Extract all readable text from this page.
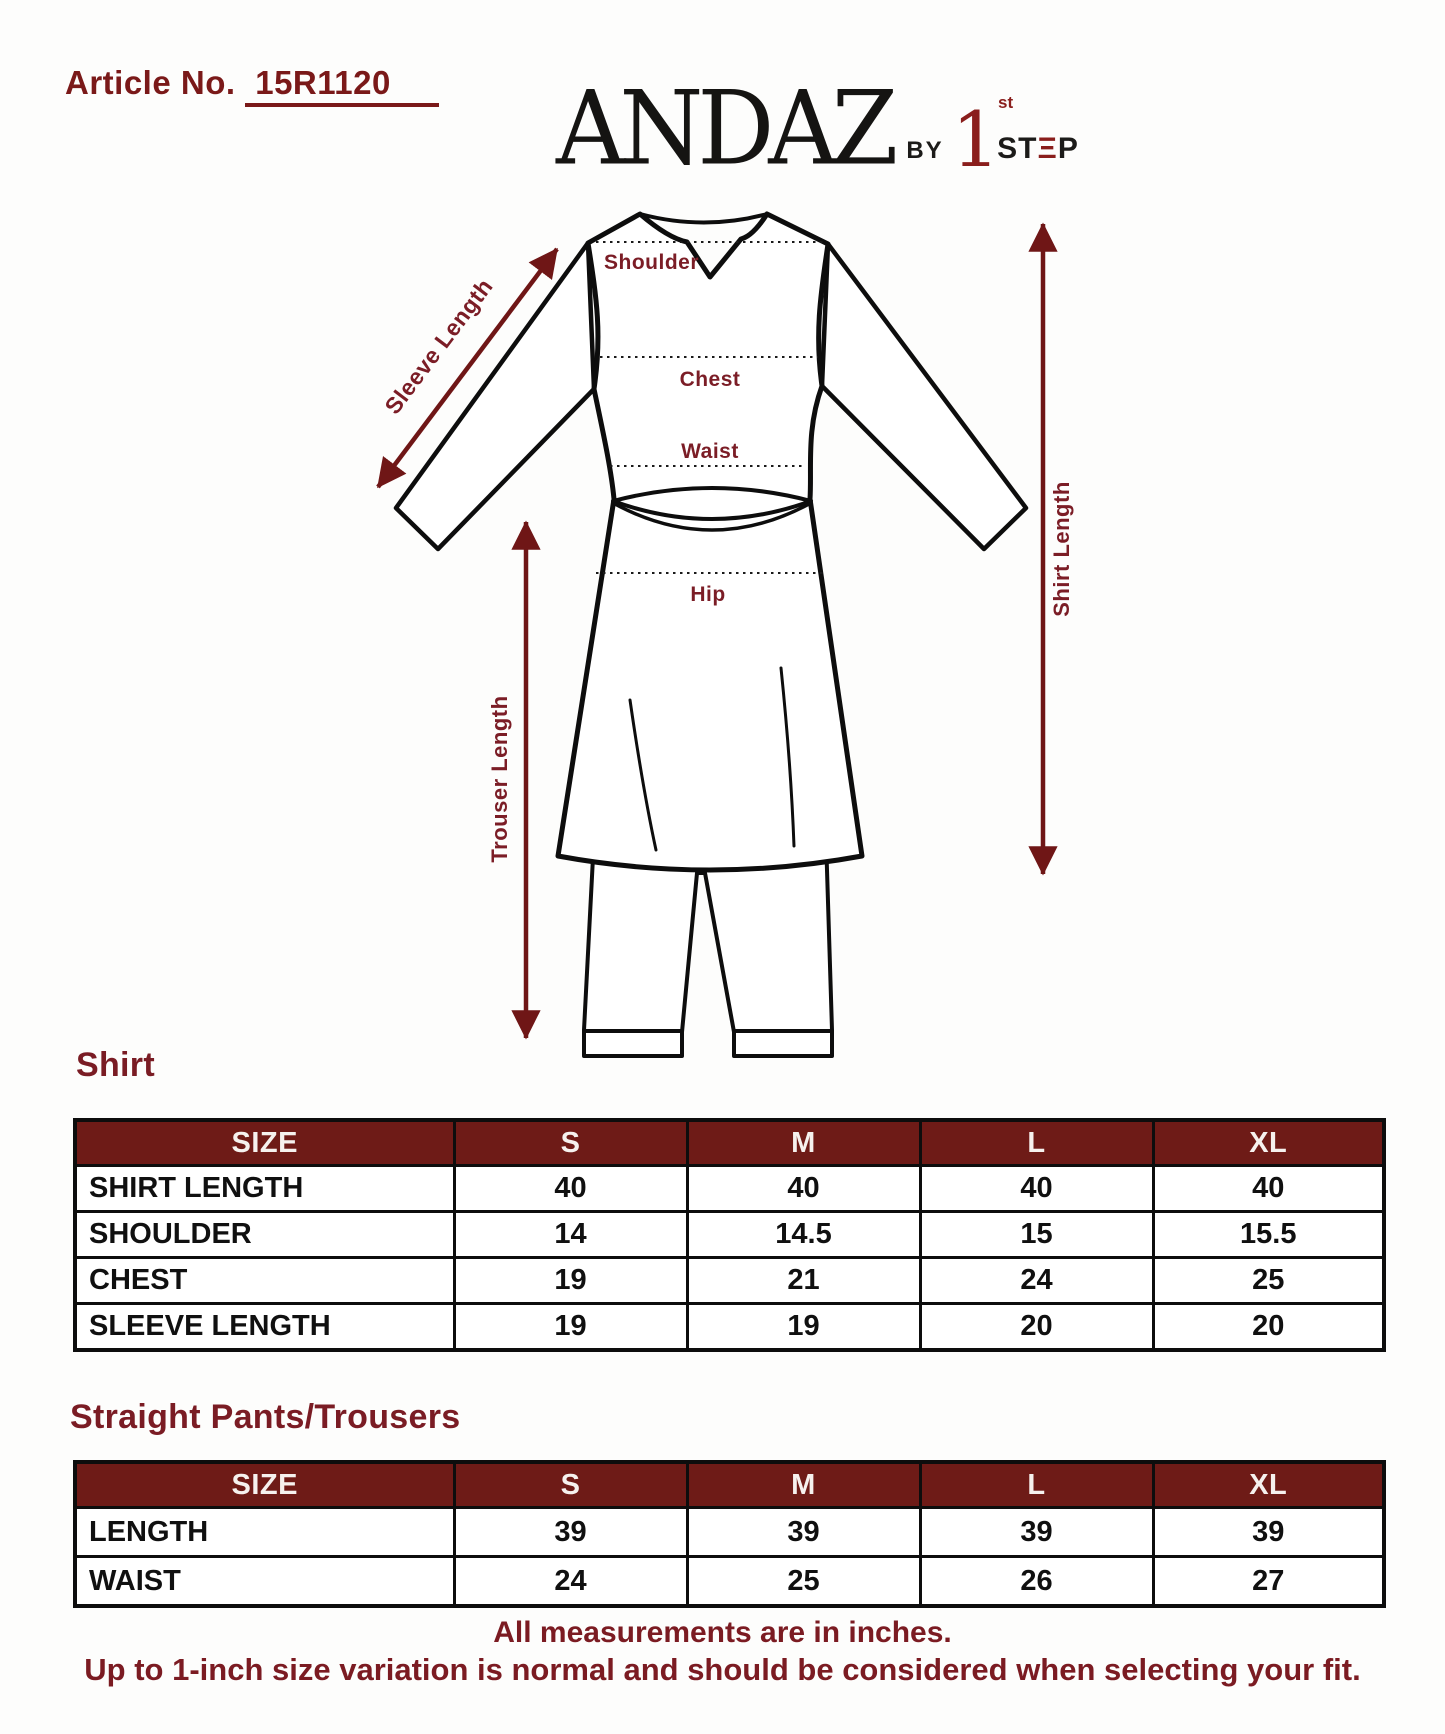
Article No. 15R1120	ANDAZ BY 1
st
STΞP
Shoulder
Chest
Waist
Hip
Sleeve Length
Trouser Length
Shirt Length
Shirt
SIZE	S	M	L	XL
SHIRT LENGTH	40	40	40	40
SHOULDER	14	14.5	15	15.5
CHEST	19	21	24	25
SLEEVE LENGTH	19	19	20	20
Straight Pants/Trousers
SIZE	S	M	L	XL
LENGTH	39	39	39	39
WAIST	24	25	26	27
All measurements are in inches.
Up to 1-inch size variation is normal and should be considered when selecting your fit.
